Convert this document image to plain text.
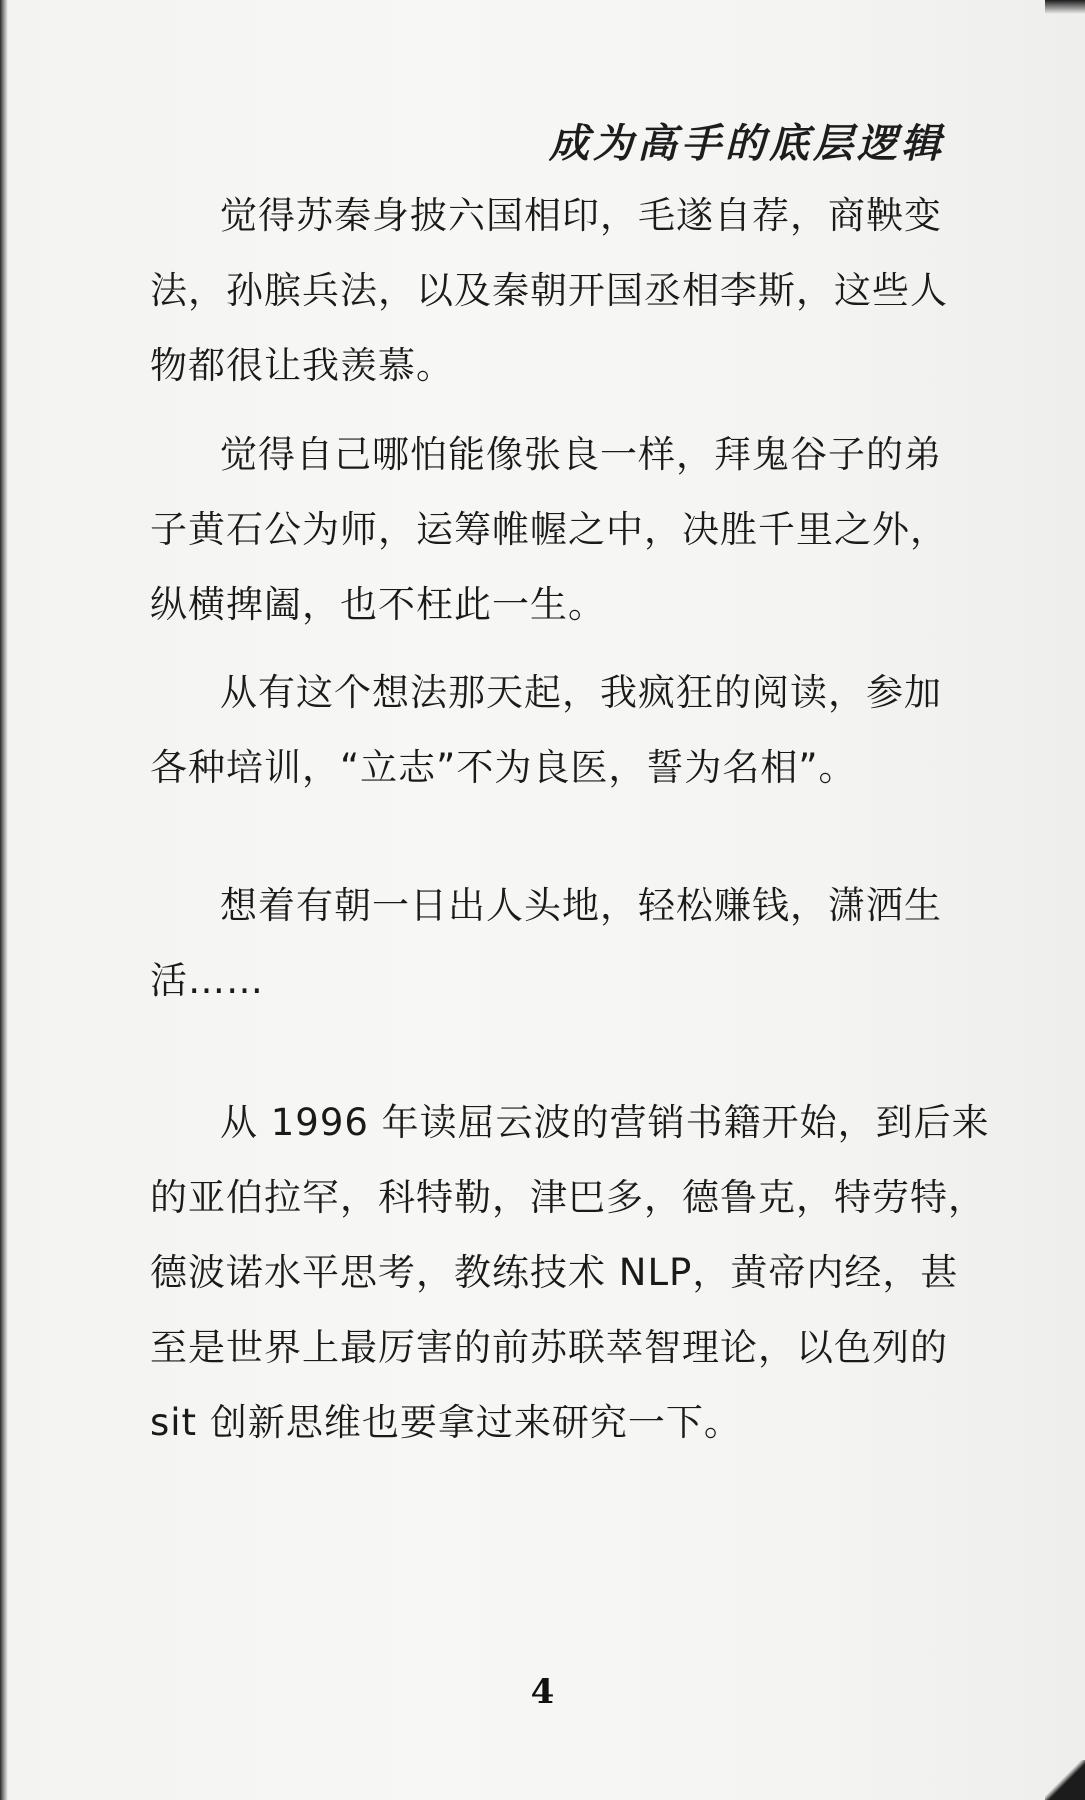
成为高手的底层逻辑
觉得苏秦身披六国相印，毛遂自荐，商鞅变
法，孙膑兵法，以及秦朝开国丞相李斯，这些人
物都很让我羡慕。
觉得自己哪怕能像张良一样，拜鬼谷子的弟
子黄石公为师，运筹帷幄之中，决胜千里之外，
纵横捭阖，也不枉此一生。
从有这个想法那天起，我疯狂的阅读，参加
各种培训，“立志”不为良医，誓为名相”。
想着有朝一日出人头地，轻松赚钱，潇洒生
活……
从 1996 年读屈云波的营销书籍开始，到后来
的亚伯拉罕，科特勒，津巴多，德鲁克，特劳特，
德波诺水平思考，教练技术 NLP，黄帝内经，甚
至是世界上最厉害的前苏联萃智理论，以色列的
sit 创新思维也要拿过来研究一下。
4
